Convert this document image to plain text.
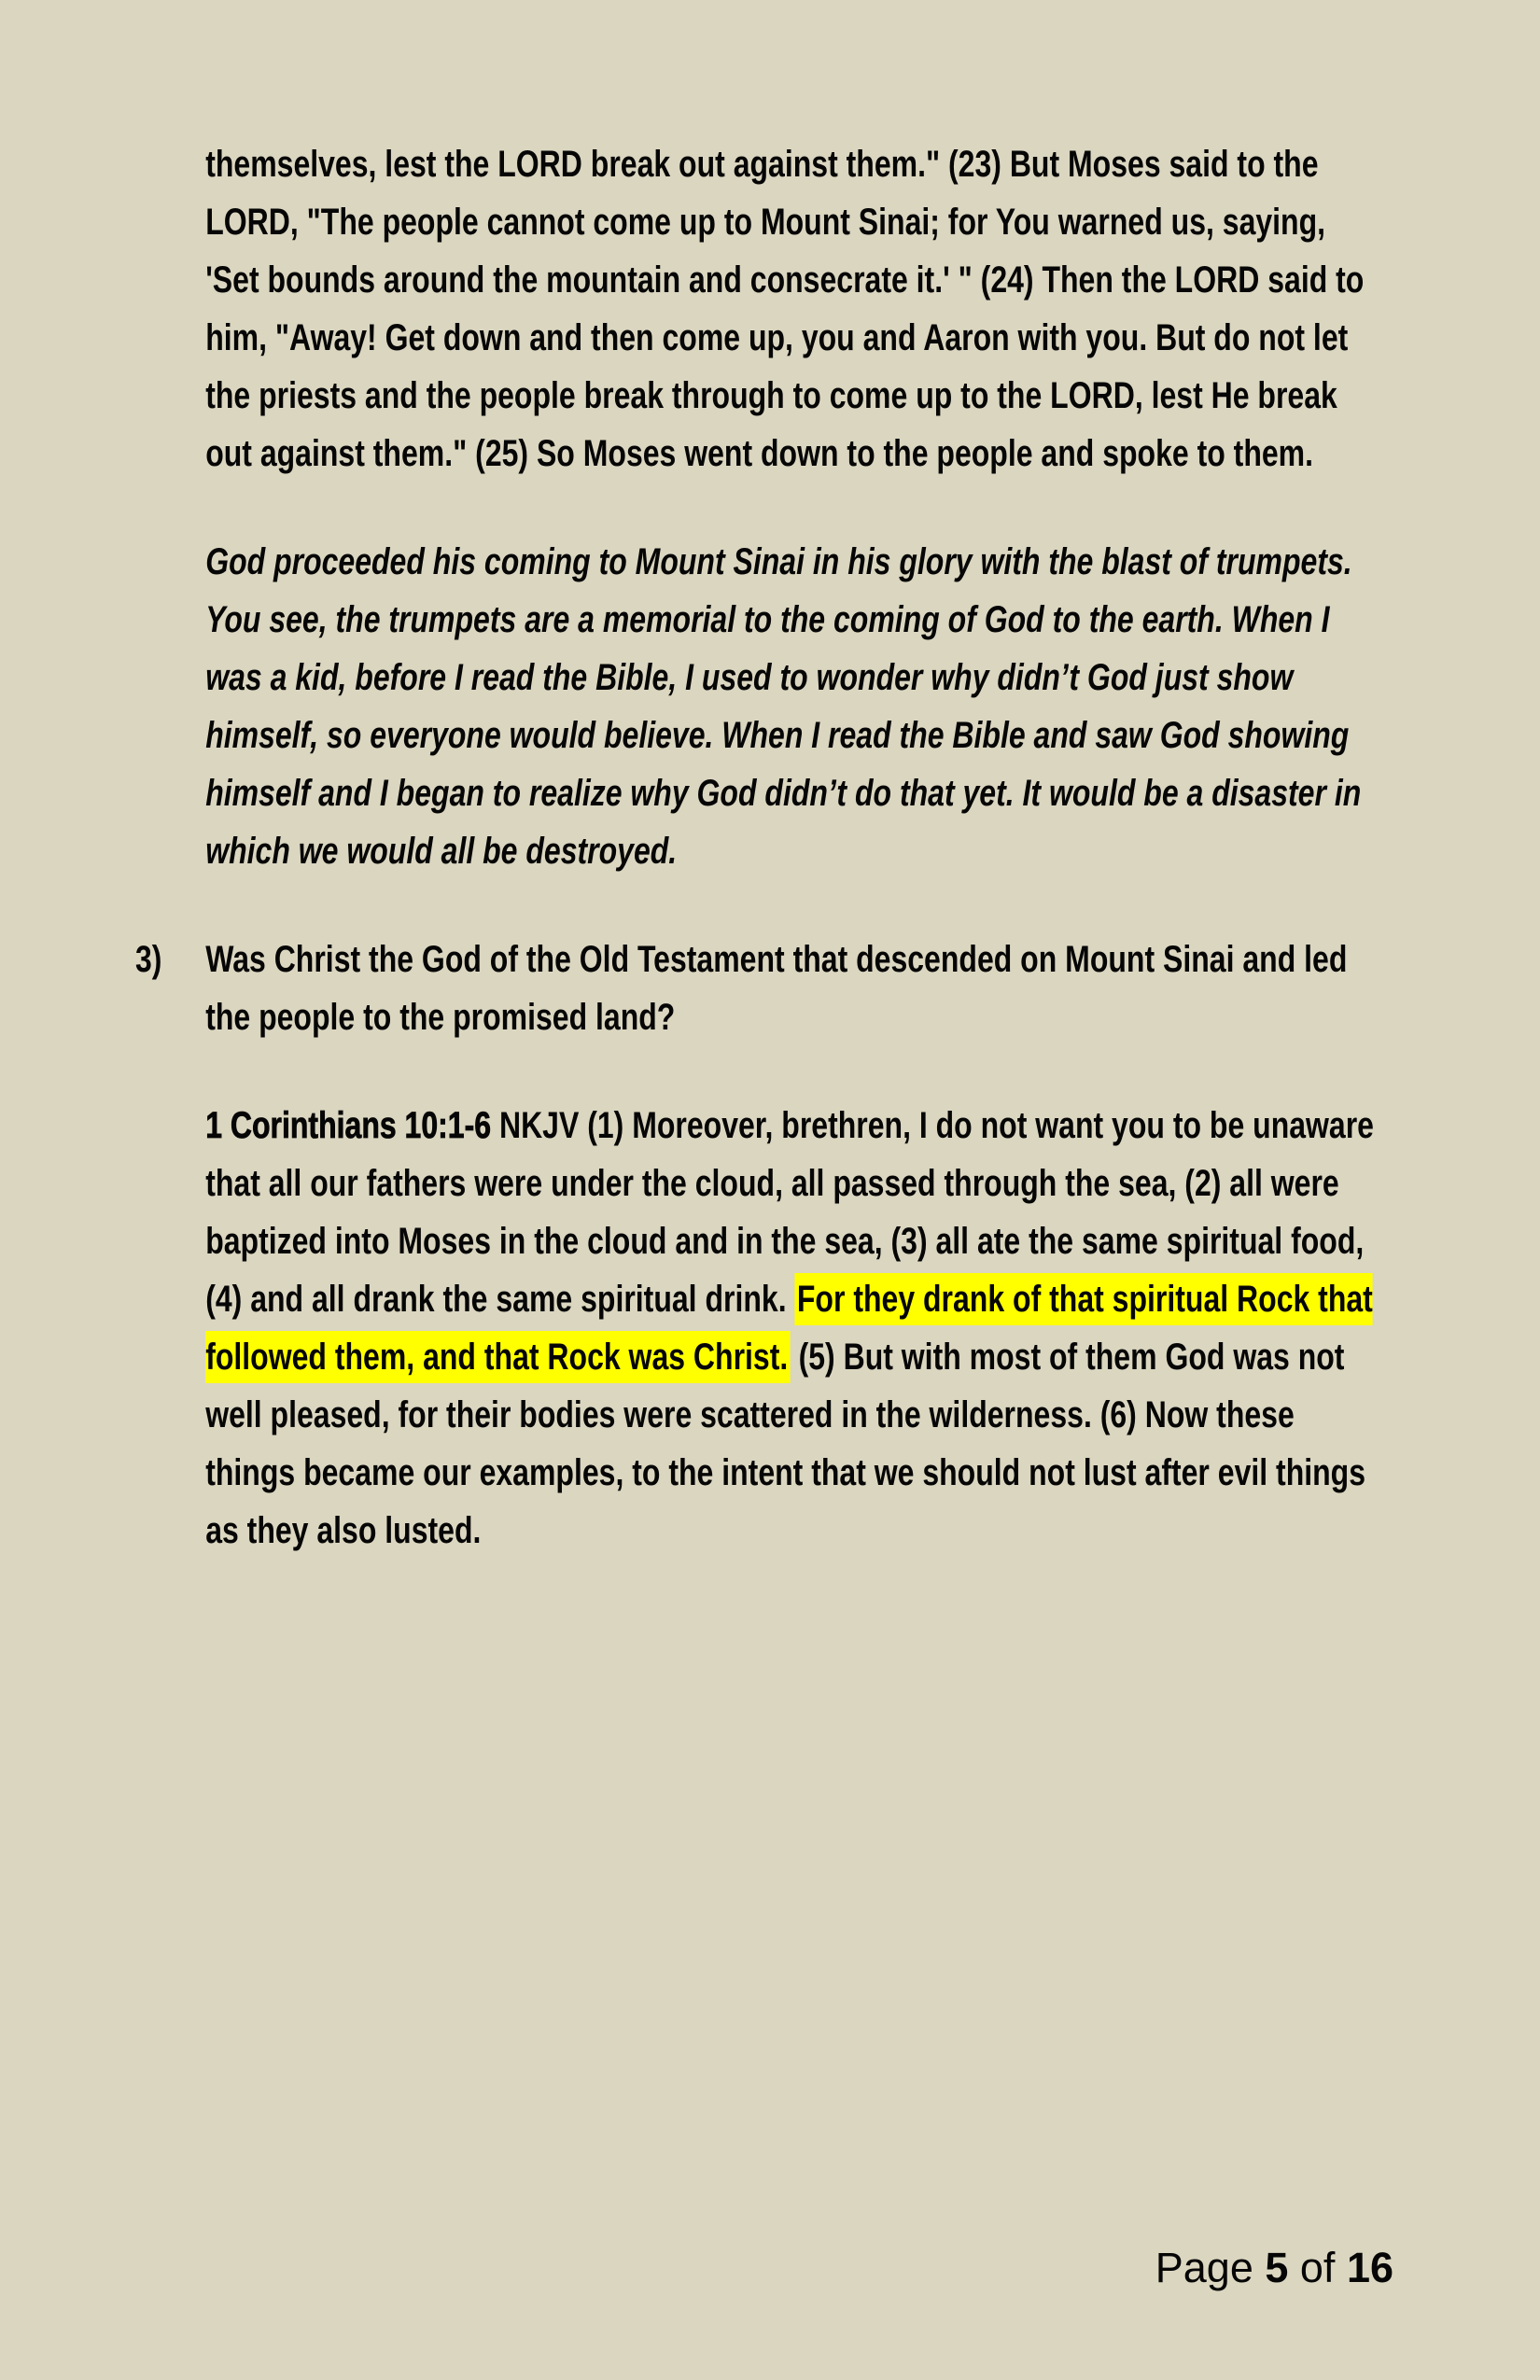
themselves, lest the LORD break out against them." (23) But Moses said to the LORD, "The people cannot come up to Mount Sinai; for You warned us, saying, 'Set bounds around the mountain and consecrate it.' " (24) Then the LORD said to him, "Away! Get down and then come up, you and Aaron with you. But do not let the priests and the people break through to come up to the LORD, lest He break out against them." (25) So Moses went down to the people and spoke to them.

God proceeded his coming to Mount Sinai in his glory with the blast of trumpets. You see, the trumpets are a memorial to the coming of God to the earth. When I was a kid, before I read the Bible, I used to wonder why didn’t God just show himself, so everyone would believe. When I read the Bible and saw God showing himself and I began to realize why God didn’t do that yet. It would be a disaster in which we would all be destroyed.

3)	Was Christ the God of the Old Testament that descended on Mount Sinai and led the people to the promised land?

1 Corinthians 10:1-6 NKJV (1) Moreover, brethren, I do not want you to be unaware that all our fathers were under the cloud, all passed through the sea, (2) all were baptized into Moses in the cloud and in the sea, (3) all ate the same spiritual food, (4) and all drank the same spiritual drink. For they drank of that spiritual Rock that followed them, and that Rock was Christ. (5) But with most of them God was not well pleased, for their bodies were scattered in the wilderness. (6) Now these things became our examples, to the intent that we should not lust after evil things as they also lusted.

Page 5 of 16
